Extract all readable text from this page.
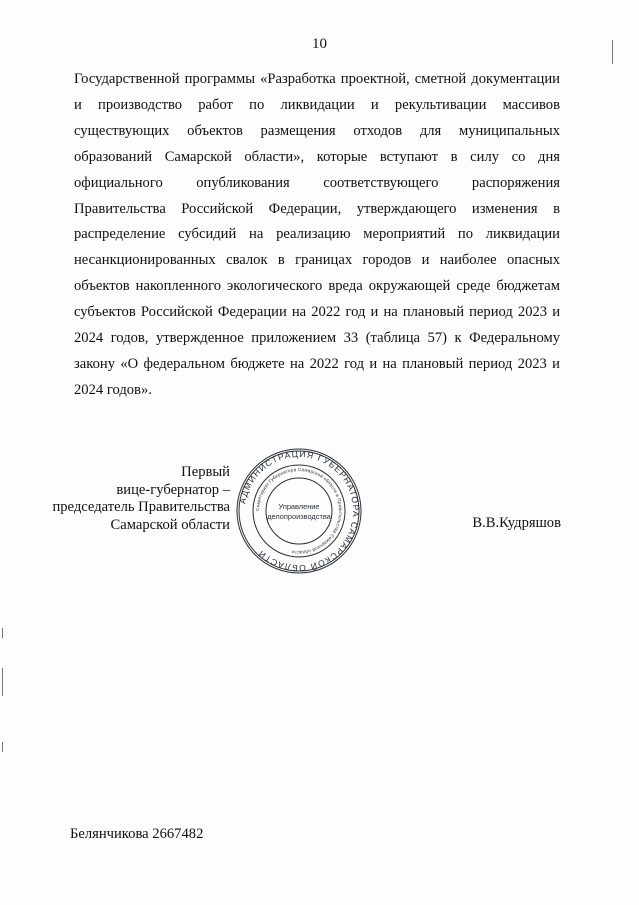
10

Государственной программы «Разработка проектной, сметной документации и производство работ по ликвидации и рекультивации массивов существующих объектов размещения отходов для муниципальных образований Самарской области», которые вступают в силу со дня официального опубликования соответствующего распоряжения Правительства Российской Федерации, утверждающего изменения в распределение субсидий на реализацию мероприятий по ликвидации несанкционированных свалок в границах городов и наиболее опасных объектов накопленного экологического вреда окружающей среде бюджетам субъектов Российской Федерации на 2022 год и на плановый период 2023 и 2024 годов, утвержденное приложением 33 (таблица 57) к Федеральному закону «О федеральном бюджете на 2022 год и на плановый период 2023 и 2024 годов».

Первый
вице-губернатор –
председатель Правительства
Самарской области
АДМИНИСТРАЦИЯ ГУБЕРНАТОРА САМАРСКОЙ ОБЛАСТИ
Секретариат Губернатора Самарской области и Правительства Самарской области
Управление
делопроизводства	В.В.Кудряшов
Белянчикова 2667482
